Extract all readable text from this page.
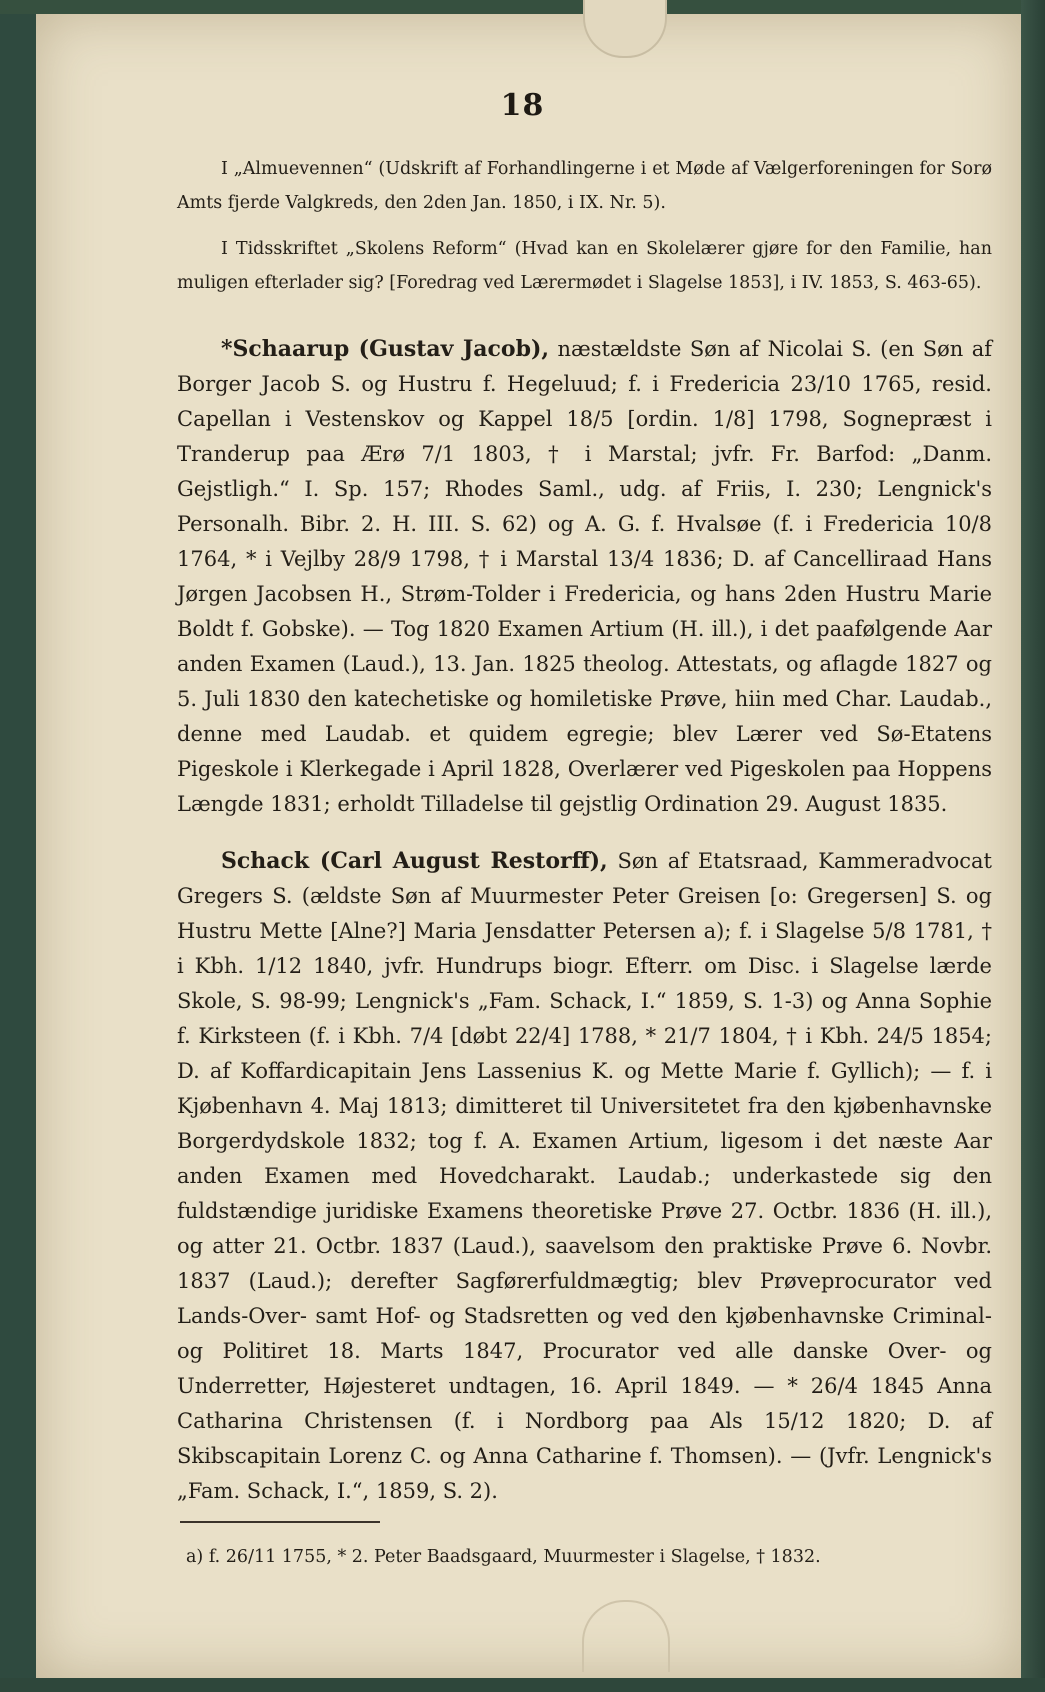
18

I „Almuevennen“ (Udskrift af Forhandlingerne i et Møde af Vælgerforeningen for Sorø Amts fjerde Valgkreds, den 2den Jan. 1850, i IX. Nr. 5).

I Tidsskriftet „Skolens Reform“ (Hvad kan en Skolelærer gjøre for den Familie, han muligen efterlader sig? [Foredrag ved Lærermødet i Slagelse 1853], i IV. 1853, S. 463-65).

*Schaarup (Gustav Jacob), næstældste Søn af Nicolai S. (en Søn af Borger Jacob S. og Hustru f. Hegeluud; f. i Fredericia 23/10 1765, resid. Capellan i Vestenskov og Kappel 18/5 [ordin. 1/8] 1798, Sognepræst i Tranderup paa Ærø 7/1 1803, † i Marstal; jvfr. Fr. Barfod: „Danm. Gejstligh.“ I. Sp. 157; Rhodes Saml., udg. af Friis, I. 230; Lengnick's Personalh. Bibr. 2. H. III. S. 62) og A. G. f. Hvalsøe (f. i Fredericia 10/8 1764, * i Vejlby 28/9 1798, † i Marstal 13/4 1836; D. af Cancelliraad Hans Jørgen Jacobsen H., Strøm-Tolder i Fredericia, og hans 2den Hustru Marie Boldt f. Gobske). — Tog 1820 Examen Artium (H. ill.), i det paafølgende Aar anden Examen (Laud.), 13. Jan. 1825 theolog. Attestats, og aflagde 1827 og 5. Juli 1830 den katechetiske og homiletiske Prøve, hiin med Char. Laudab., denne med Laudab. et quidem egregie; blev Lærer ved Sø-Etatens Pigeskole i Klerkegade i April 1828, Overlærer ved Pigeskolen paa Hoppens Længde 1831; erholdt Tilladelse til gejstlig Ordination 29. August 1835.

Schack (Carl August Restorff), Søn af Etatsraad, Kammeradvocat Gregers S. (ældste Søn af Muurmester Peter Greisen [o: Gregersen] S. og Hustru Mette [Alne?] Maria Jensdatter Petersen a); f. i Slagelse 5/8 1781, † i Kbh. 1/12 1840, jvfr. Hundrups biogr. Efterr. om Disc. i Slagelse lærde Skole, S. 98-99; Lengnick's „Fam. Schack, I.“ 1859, S. 1-3) og Anna Sophie f. Kirksteen (f. i Kbh. 7/4 [døbt 22/4] 1788, * 21/7 1804, † i Kbh. 24/5 1854; D. af Koffardicapitain Jens Lassenius K. og Mette Marie f. Gyllich); — f. i Kjøbenhavn 4. Maj 1813; dimitteret til Universitetet fra den kjøbenhavnske Borgerdydskole 1832; tog f. A. Examen Artium, ligesom i det næste Aar anden Examen med Hovedcharakt. Laudab.; underkastede sig den fuldstændige juridiske Examens theoretiske Prøve 27. Octbr. 1836 (H. ill.), og atter 21. Octbr. 1837 (Laud.), saavelsom den praktiske Prøve 6. Novbr. 1837 (Laud.); derefter Sagførerfuldmægtig; blev Prøveprocurator ved Lands-Over- samt Hof- og Stadsretten og ved den kjøbenhavnske Criminal- og Politiret 18. Marts 1847, Procurator ved alle danske Over- og Underretter, Højesteret undtagen, 16. April 1849. — * 26/4 1845 Anna Catharina Christensen (f. i Nordborg paa Als 15/12 1820; D. af Skibscapitain Lorenz C. og Anna Catharine f. Thomsen). — (Jvfr. Lengnick's „Fam. Schack, I.“, 1859, S. 2).

a) f. 26/11 1755, * 2. Peter Baadsgaard, Muurmester i Slagelse, † 1832.
